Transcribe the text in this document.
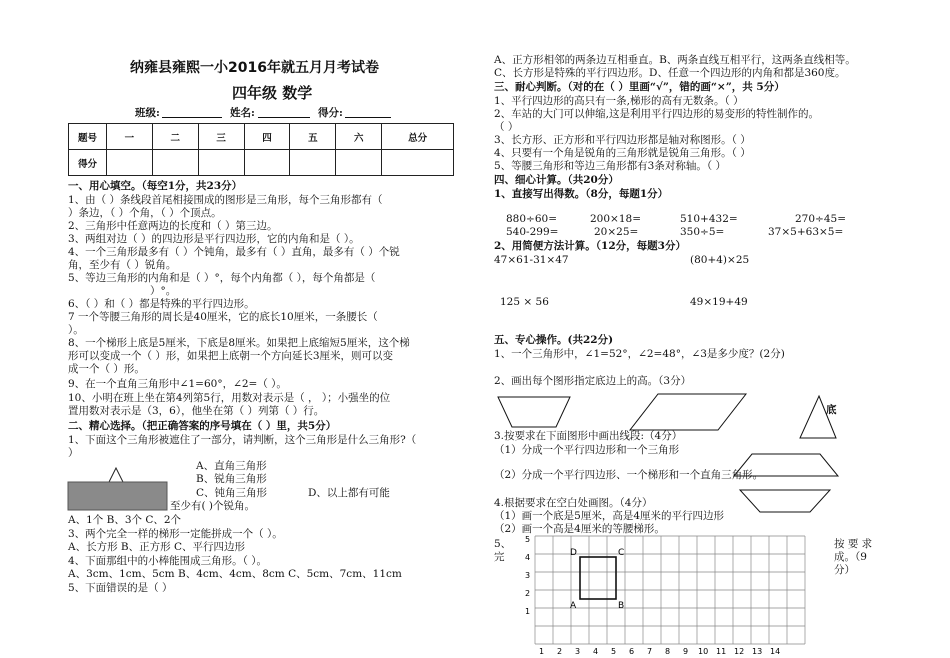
纳雍县雍熙一小2016年就五月月考试卷
四年级 数学
班级:	姓名:	得分:
题号	一	二	三	四	五	六	总分
得分							
一、用心填空。（每空1分，共23分）
1、由（ ）条线段首尾相接围成的图形是三角形，每个三角形都有（
）条边，（ ）个角，（ ）个顶点。
2、三角形中任意两边的长度和（ ）第三边。
3、两组对边（ ）的四边形是平行四边形，它的内角和是（ ）。
4、一个三角形最多有（ ）个钝角，最多有（ ）直角，最多有（ ）个锐
角，至少有（ ）锐角。
5、等边三角形的内角和是（ ）°，每个内角都（ ），每个角都是（
）°。
6、（ ）和（ ）都是特殊的平行四边形。
7 一个等腰三角形的周长是40厘米，它的底长10厘米，一条腰长（
）。
8、一个梯形上底是5厘米，下底是8厘米。如果把上底缩短5厘米，这个梯
形可以变成一个（ ）形，如果把上底朝一个方向延长3厘米，则可以变
成一个（ ）形。
9、在一个直角三角形中∠1=60°，∠2=（ ）。
10、小明在班上坐在第4列第5行，用数对表示是（ ， ）；小强坐的位
置用数对表示是（3，6），他坐在第（ ）列第（ ）行。
二、精心选择。（把正确答案的序号填在（ ）里，共5分）
1、下面这个三角形被遮住了一部分，请判断，这个三角形是什么三角形?（
）
A、直角三角形
B、锐角三角形
C、钝角三角形	D、以上都有可能
至少有( )个锐角。
A、1个 B、3个 C、2个
3、两个完全一样的梯形一定能拼成一个（ ）。
A、长方形 B、正方形 C、平行四边形
4、下面那组中的小棒能围成三角形。（ ）。
A、3cm、1cm、5cm B、4cm、4cm、8cm C、5cm、7cm、11cm
5、下面错误的是（ ）
A、正方形相邻的两条边互相垂直。B、两条直线互相平行，这两条直线相等。
C、长方形是特殊的平行四边形。D、任意一个四边形的内角和都是360度。
三、耐心判断。（对的在（ ）里画“√”，错的画“×”，共 5分）
1、平行四边形的高只有一条,梯形的高有无数条。（ ）
2、车站的大门可以伸缩,这是利用平行四边形的易变形的特性制作的。
（ ）
3、长方形、正方形和平行四边形都是轴对称图形。（ ）
4、只要有一个角是锐角的三角形就是锐角三角形。（ ）
5、等腰三角形和等边三角形都有3条对称轴。（ ）
四、细心计算。（共20分）
1、直接写出得数。（8分，每题1分）
880÷60=	200×18=	510+432=	270÷45=
540-299=	20×25=	350÷5=	37×5+63×5=
2、用简便方法计算。（12分，每题3分）
47×61-31×47	(80+4)×25
125 × 56	49×19+49
五、专心操作。(共22分)
1、一个三角形中，∠1=52°，∠2=48°，∠3是多少度？(2分)
2、画出每个图形指定底边上的高。（3分）
底
3.按要求在下面图形中画出线段:（4分）
（1）分成一个平行四边形和一个三角形
（2）分成一个平行四边形、一个梯形和一个直角三角形。
4.根据要求在空白处画图。（4分）
（1）画一个底是5厘米，高是4厘米的平行四边形
（2）画一个高是4厘米的等腰梯形。
5、
完
按 要 求
成。（9
分）
D	C
A	B
5
4
3
2
1
1 2 3 4 5 6 7 8 9 10 11 12 13 14
